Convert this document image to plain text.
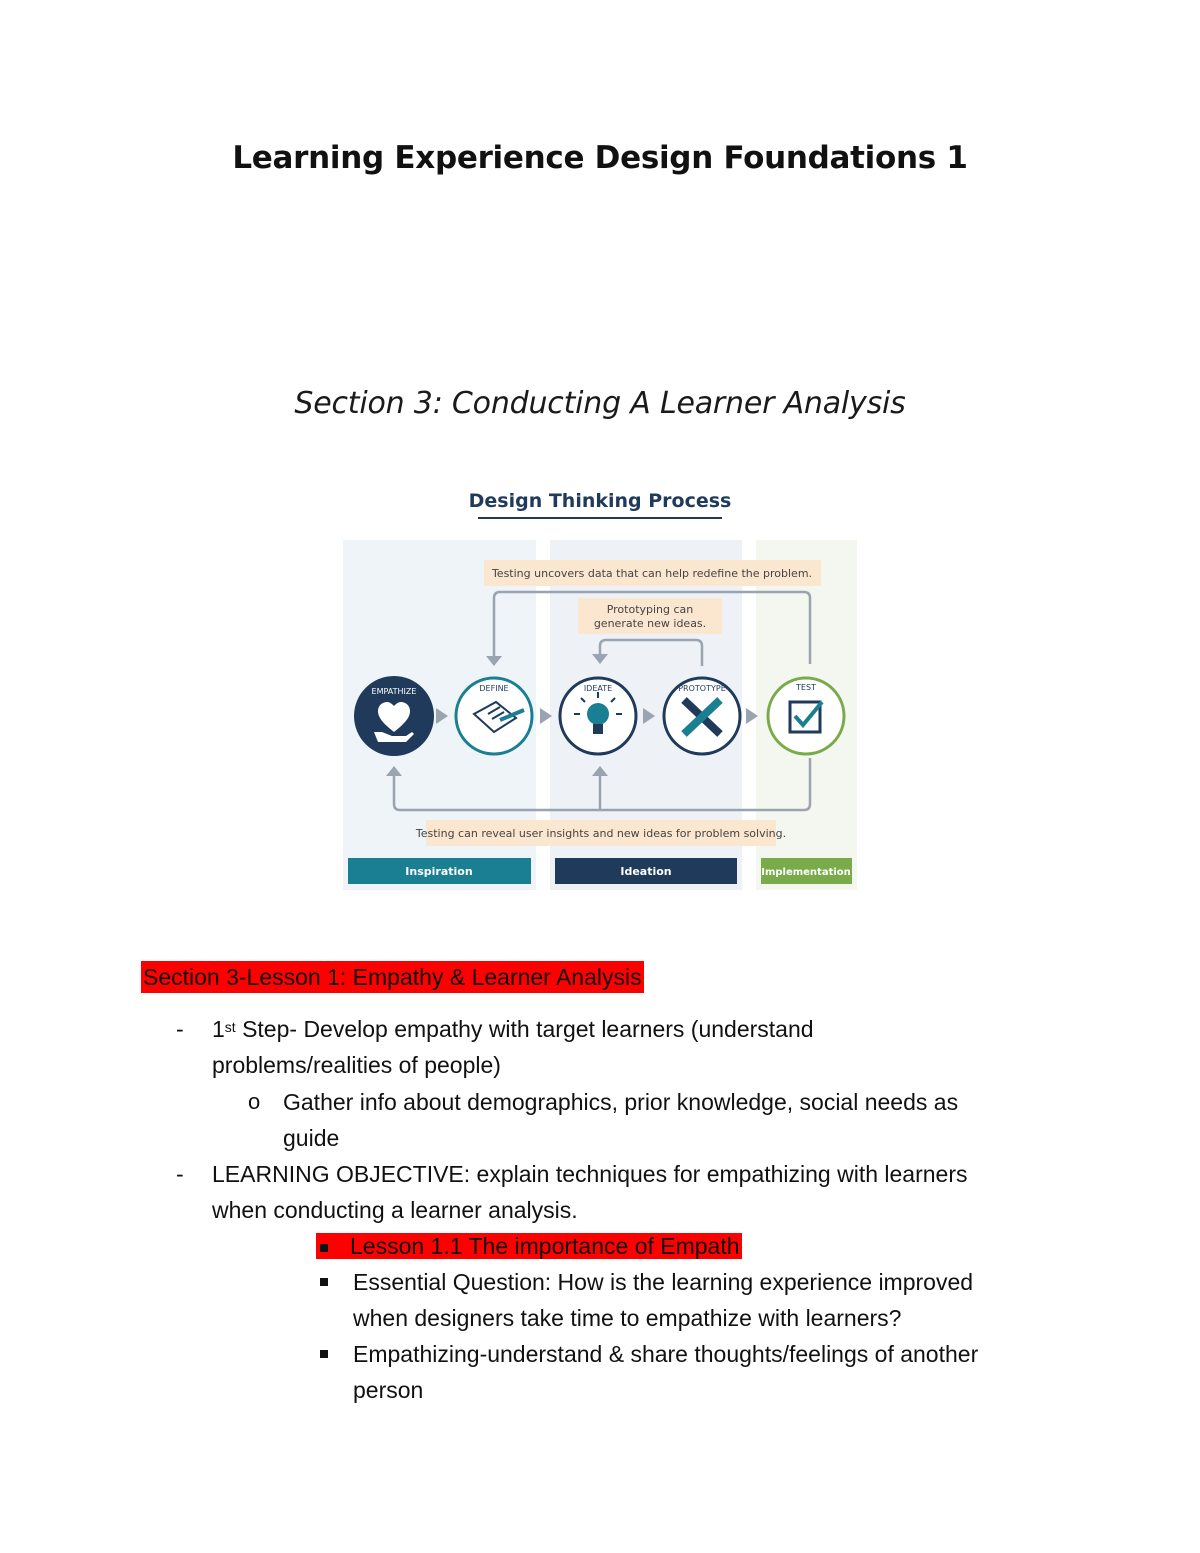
Learning Experience Design Foundations 1
Section 3: Conducting A Learner Analysis
Design Thinking Process
Testing uncovers data that can help redefine the problem.
Prototyping can
generate new ideas.
Testing can reveal user insights and new ideas for problem solving.
EMPATHIZE	DEFINE	IDEATE	PROTOTYPE	TEST
Inspiration	Ideation	Implementation
Section 3-Lesson 1: Empathy & Learner Analysis
- 1st Step- Develop empathy with target learners (understand
problems/realities of people)
o Gather info about demographics, prior knowledge, social needs as
guide
- LEARNING OBJECTIVE: explain techniques for empathizing with learners
when conducting a learner analysis.
Lesson 1.1 The importance of Empath
Essential Question: How is the learning experience improved
when designers take time to empathize with learners?
Empathizing-understand & share thoughts/feelings of another
person
